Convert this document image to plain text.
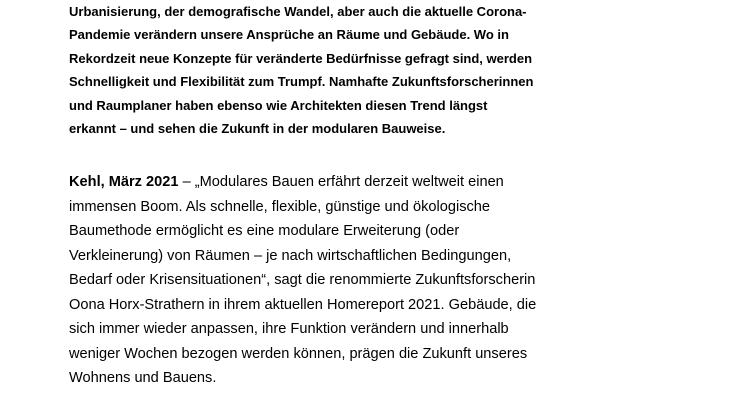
Urbanisierung, der demografische Wandel, aber auch die aktuelle Corona-
Pandemie verändern unsere Ansprüche an Räume und Gebäude. Wo in
Rekordzeit neue Konzepte für veränderte Bedürfnisse gefragt sind, werden
Schnelligkeit und Flexibilität zum Trumpf. Namhafte Zukunftsforscherinnen
und Raumplaner haben ebenso wie Architekten diesen Trend längst
erkannt – und sehen die Zukunft in der modularen Bauweise.

Kehl, März 2021 – „Modulares Bauen erfährt derzeit weltweit einen
immensen Boom. Als schnelle, flexible, günstige und ökologische
Baumethode ermöglicht es eine modulare Erweiterung (oder
Verkleinerung) von Räumen – je nach wirtschaftlichen Bedingungen,
Bedarf oder Krisensituationen“, sagt die renommierte Zukunftsforscherin
Oona Horx-Strathern in ihrem aktuellen Homereport 2021. Gebäude, die
sich immer wieder anpassen, ihre Funktion verändern und innerhalb
weniger Wochen bezogen werden können, prägen die Zukunft unseres
Wohnens und Bauens.
